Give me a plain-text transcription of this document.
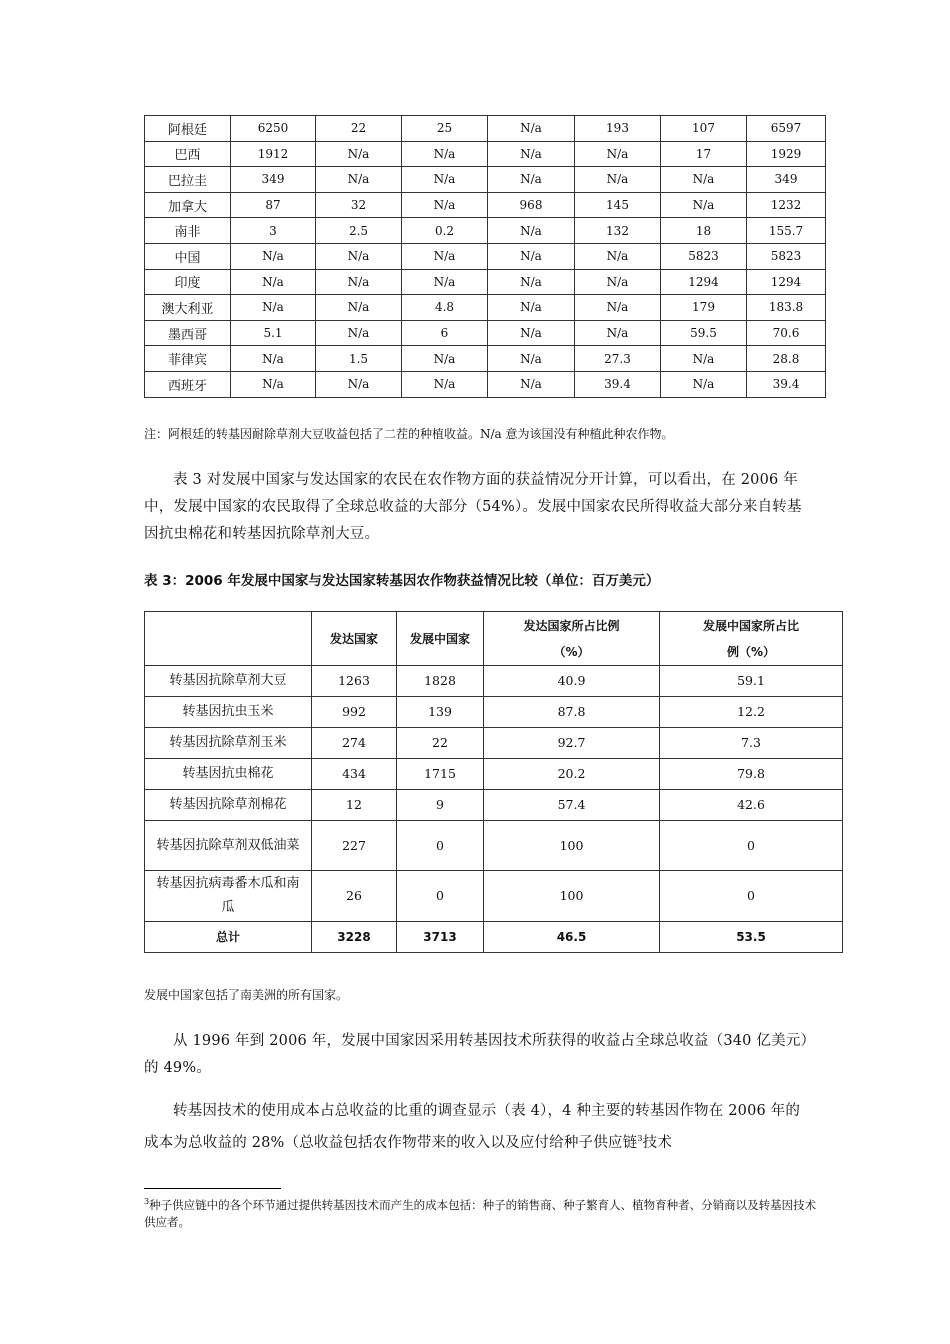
阿根廷	6250	22	25	N/a	193	107	6597
巴西	1912	N/a	N/a	N/a	N/a	17	1929
巴拉圭	349	N/a	N/a	N/a	N/a	N/a	349
加拿大	87	32	N/a	968	145	N/a	1232
南非	3	2.5	0.2	N/a	132	18	155.7
中国	N/a	N/a	N/a	N/a	N/a	5823	5823
印度	N/a	N/a	N/a	N/a	N/a	1294	1294
澳大利亚	N/a	N/a	4.8	N/a	N/a	179	183.8
墨西哥	5.1	N/a	6	N/a	N/a	59.5	70.6
菲律宾	N/a	1.5	N/a	N/a	27.3	N/a	28.8
西班牙	N/a	N/a	N/a	N/a	39.4	N/a	39.4
注：阿根廷的转基因耐除草剂大豆收益包括了二茬的种植收益。N/a 意为该国没有种植此种农作物。
表 3 对发展中国家与发达国家的农民在农作物方面的获益情况分开计算，可以看出，在 2006 年中，发展中国家的农民取得了全球总收益的大部分（54%）。发展中国家农民所得收益大部分来自转基因抗虫棉花和转基因抗除草剂大豆。
表 3：2006 年发展中国家与发达国家转基因农作物获益情况比较（单位：百万美元）
	发达国家	发展中国家	发达国家所占比例（%）	发展中国家所占比例（%）
转基因抗除草剂大豆	1263	1828	40.9	59.1
转基因抗虫玉米	992	139	87.8	12.2
转基因抗除草剂玉米	274	22	92.7	7.3
转基因抗虫棉花	434	1715	20.2	79.8
转基因抗除草剂棉花	12	9	57.4	42.6
转基因抗除草剂双低油菜	227	0	100	0
转基因抗病毒番木瓜和南瓜	26	0	100	0
总计	3228	3713	46.5	53.5
发展中国家包括了南美洲的所有国家。
从 1996 年到 2006 年，发展中国家因采用转基因技术所获得的收益占全球总收益（340 亿美元）的 49%。
转基因技术的使用成本占总收益的比重的调查显示（表 4），4 种主要的转基因作物在 2006 年的成本为总收益的 28%（总收益包括农作物带来的收入以及应付给种子供应链$^3$技术
$^3$种子供应链中的各个环节通过提供转基因技术而产生的成本包括：种子的销售商、种子繁育人、植物育种者、分销商以及转基因技术供应者。
